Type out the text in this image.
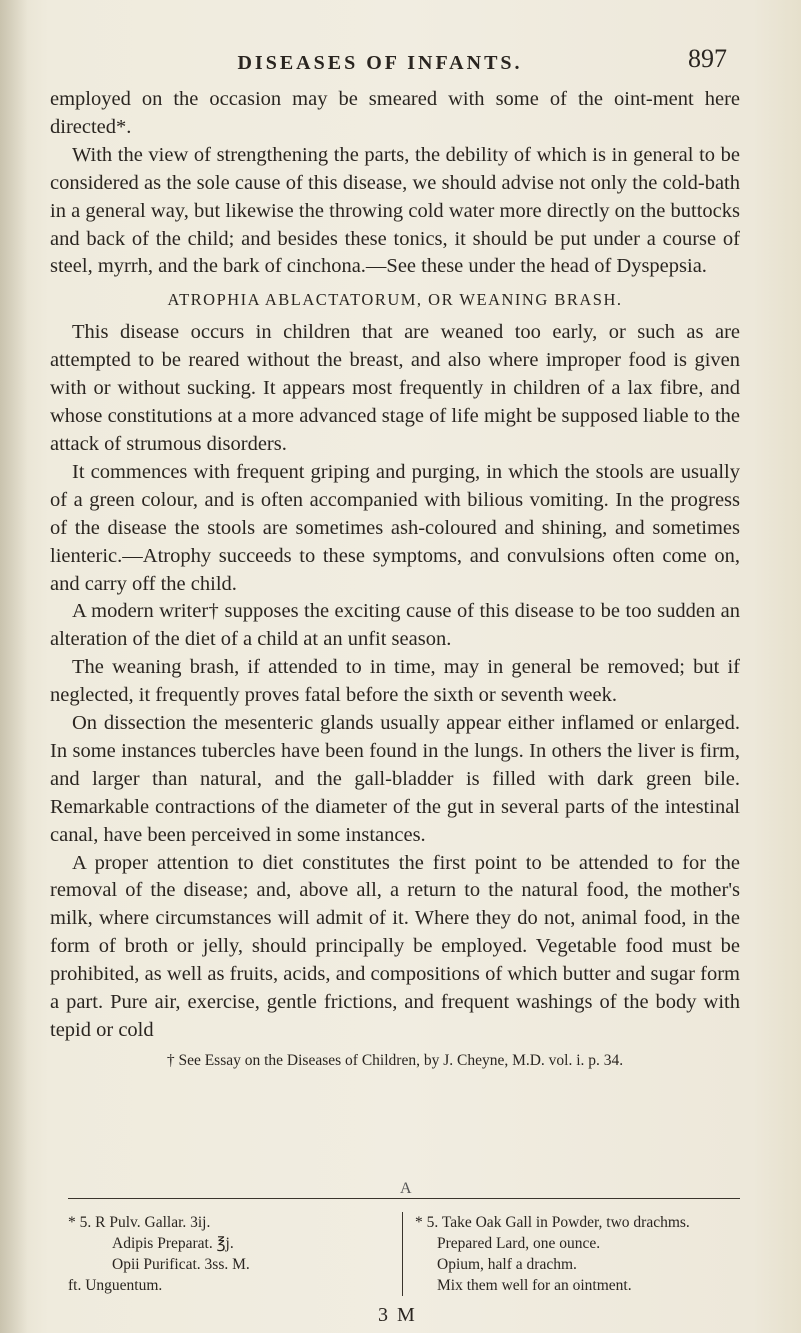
DISEASES OF INFANTS.	897

employed on the occasion may be smeared with some of the oint-ment here directed*.

With the view of strengthening the parts, the debility of which is in general to be considered as the sole cause of this disease, we should advise not only the cold-bath in a general way, but likewise the throwing cold water more directly on the buttocks and back of the child; and besides these tonics, it should be put under a course of steel, myrrh, and the bark of cinchona.—See these under the head of Dyspepsia.

ATROPHIA ABLACTATORUM, OR WEANING BRASH.

This disease occurs in children that are weaned too early, or such as are attempted to be reared without the breast, and also where improper food is given with or without sucking. It appears most frequently in children of a lax fibre, and whose constitutions at a more advanced stage of life might be supposed liable to the attack of strumous disorders.

It commences with frequent griping and purging, in which the stools are usually of a green colour, and is often accompanied with bilious vomiting. In the progress of the disease the stools are sometimes ash-coloured and shining, and sometimes lienteric.—Atrophy succeeds to these symptoms, and convulsions often come on, and carry off the child.

A modern writer† supposes the exciting cause of this disease to be too sudden an alteration of the diet of a child at an unfit season.

The weaning brash, if attended to in time, may in general be removed; but if neglected, it frequently proves fatal before the sixth or seventh week.

On dissection the mesenteric glands usually appear either inflamed or enlarged. In some instances tubercles have been found in the lungs. In others the liver is firm, and larger than natural, and the gall-bladder is filled with dark green bile. Remarkable contractions of the diameter of the gut in several parts of the intestinal canal, have been perceived in some instances.

A proper attention to diet constitutes the first point to be attended to for the removal of the disease; and, above all, a return to the natural food, the mother's milk, where circumstances will admit of it. Where they do not, animal food, in the form of broth or jelly, should principally be employed. Vegetable food must be prohibited, as well as fruits, acids, and compositions of which butter and sugar form a part. Pure air, exercise, gentle frictions, and frequent washings of the body with tepid or cold

† See Essay on the Diseases of Children, by J. Cheyne, M.D. vol. i. p. 34.
A
* 5. R Pulv. Gallar. 3ij.
Adipis Preparat. ℥j.
Opii Purificat. 3ss. M.
ft. Unguentum.
* 5. Take Oak Gall in Powder, two drachms.
Prepared Lard, one ounce.
Opium, half a drachm.
Mix them well for an ointment.
3 M
